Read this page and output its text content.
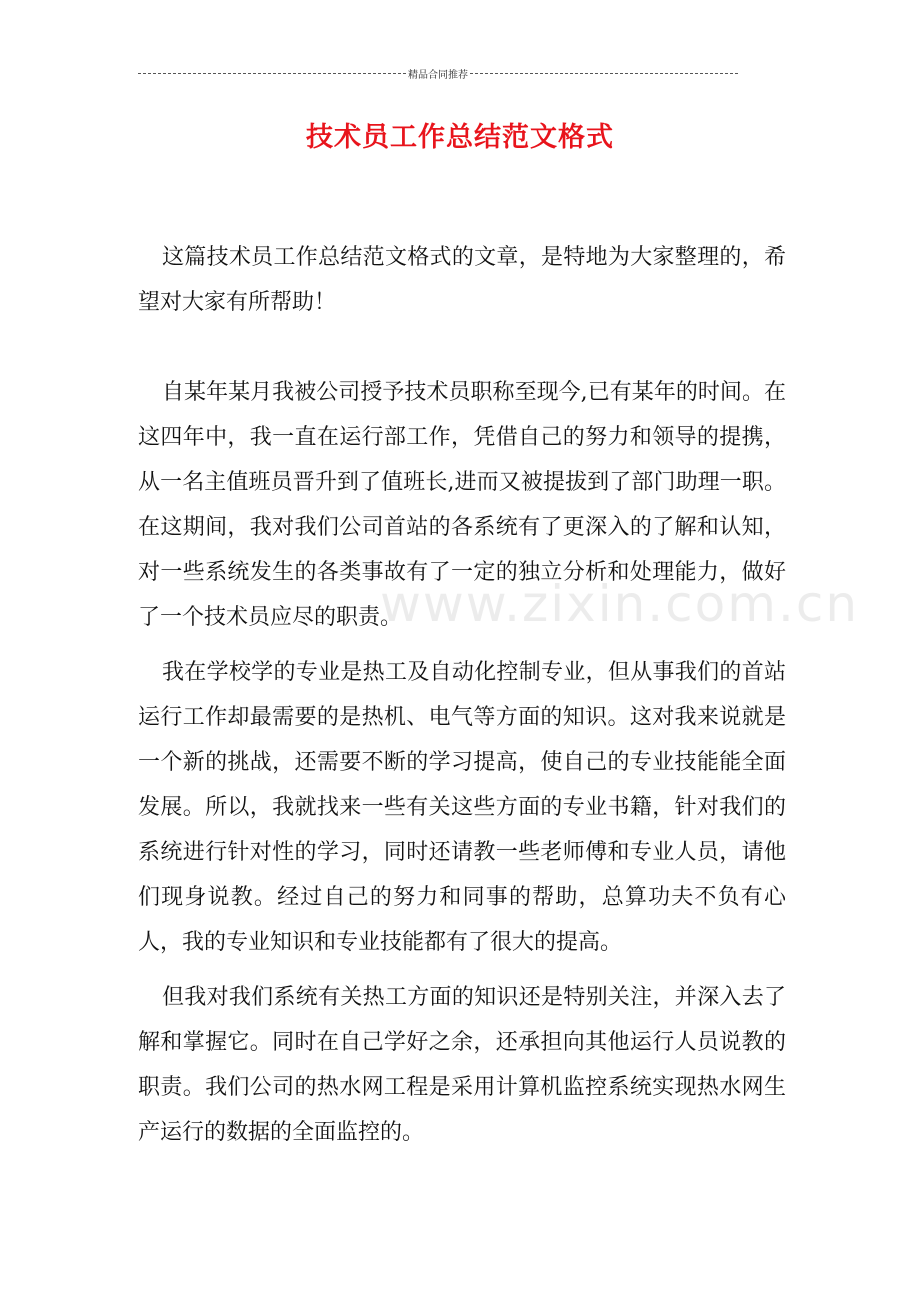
精品合同推荐
技术员工作总结范文格式

这篇技术员工作总结范文格式的文章，是特地为大家整理的，希望对大家有所帮助！

自某年某月我被公司授予技术员职称至现今,已有某年的时间。在这四年中，我一直在运行部工作，凭借自己的努力和领导的提携，从一名主值班员晋升到了值班长,进而又被提拔到了部门助理一职。在这期间，我对我们公司首站的各系统有了更深入的了解和认知，对一些系统发生的各类事故有了一定的独立分析和处理能力，做好了一个技术员应尽的职责。

我在学校学的专业是热工及自动化控制专业，但从事我们的首站运行工作却最需要的是热机、电气等方面的知识。这对我来说就是一个新的挑战，还需要不断的学习提高，使自己的专业技能能全面发展。所以，我就找来一些有关这些方面的专业书籍，针对我们的系统进行针对性的学习，同时还请教一些老师傅和专业人员，请他们现身说教。经过自己的努力和同事的帮助，总算功夫不负有心人，我的专业知识和专业技能都有了很大的提高。

但我对我们系统有关热工方面的知识还是特别关注，并深入去了解和掌握它。同时在自己学好之余，还承担向其他运行人员说教的职责。我们公司的热水网工程是采用计算机监控系统实现热水网生产运行的数据的全面监控的。

www.zixin.com.cn
